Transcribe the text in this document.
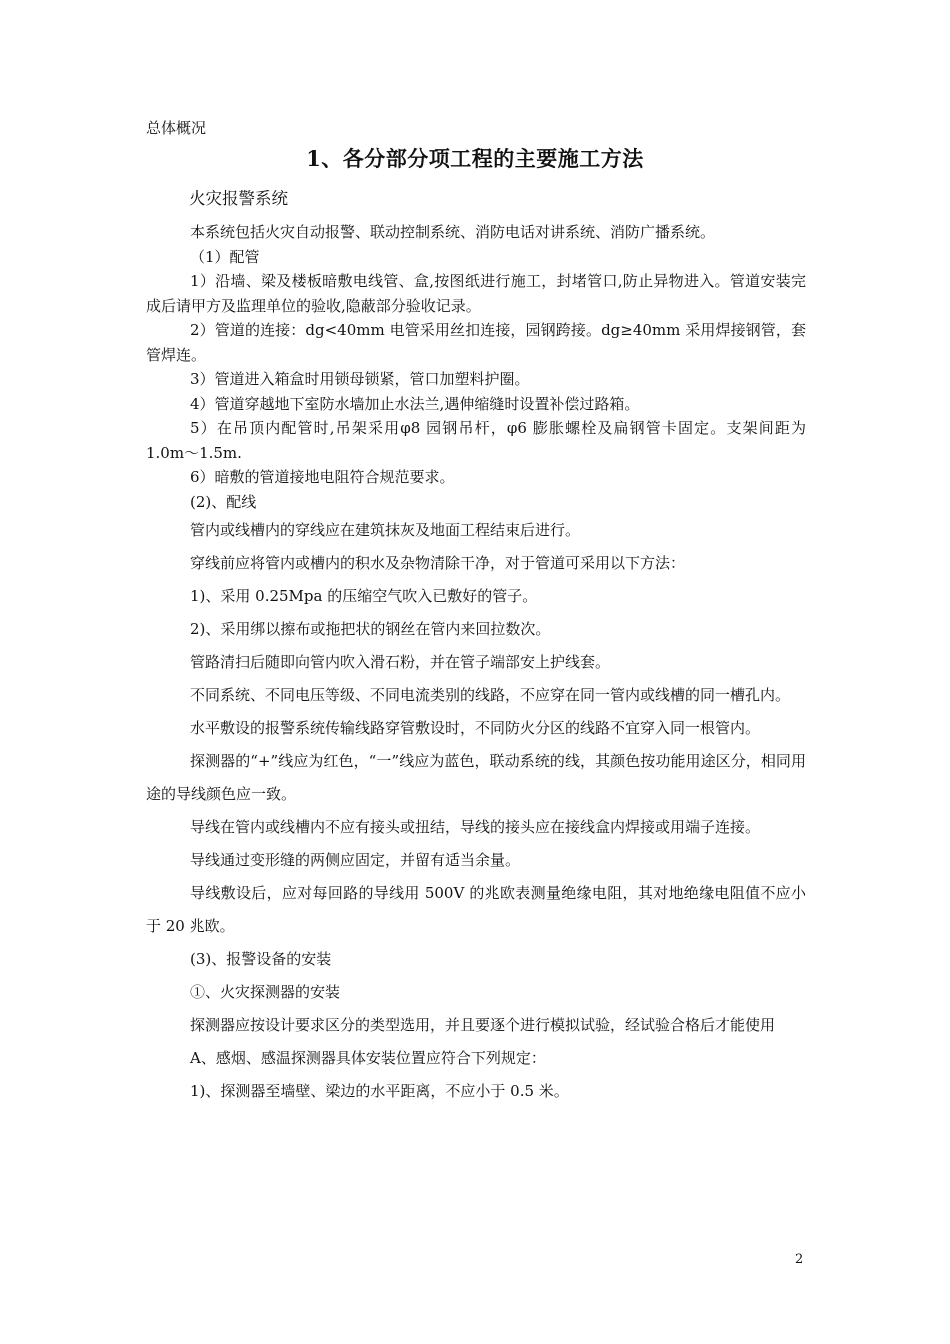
总体概况
1、各分部分项工程的主要施工方法
火灾报警系统

本系统包括火灾自动报警、联动控制系统、消防电话对讲系统、消防广播系统。

（1）配管

1）沿墙、梁及楼板暗敷电线管、盒,按图纸进行施工，封堵管口,防止异物进入。管道安装完成后请甲方及监理单位的验收,隐蔽部分验收记录。

2）管道的连接：dg<40mm 电管采用丝扣连接，园钢跨接。dg≥40mm 采用焊接钢管，套管焊连。

3）管道进入箱盒时用锁母锁紧，管口加塑料护圈。

4）管道穿越地下室防水墙加止水法兰,遇伸缩缝时设置补偿过路箱。

5）在吊顶内配管时,吊架采用φ8 园钢吊杆，φ6 膨胀螺栓及扁钢管卡固定。支架间距为 1.0m～1.5m.

6）暗敷的管道接地电阻符合规范要求。

(2)、配线

管内或线槽内的穿线应在建筑抹灰及地面工程结束后进行。

穿线前应将管内或槽内的积水及杂物清除干净，对于管道可采用以下方法：

1)、采用 0.25Mpa 的压缩空气吹入已敷好的管子。

2)、采用绑以擦布或拖把状的钢丝在管内来回拉数次。

管路清扫后随即向管内吹入滑石粉，并在管子端部安上护线套。

不同系统、不同电压等级、不同电流类别的线路，不应穿在同一管内或线槽的同一槽孔内。

水平敷设的报警系统传输线路穿管敷设时，不同防火分区的线路不宜穿入同一根管内。

探测器的“+”线应为红色，“一”线应为蓝色，联动系统的线，其颜色按功能用途区分，相同用途的导线颜色应一致。

导线在管内或线槽内不应有接头或扭结，导线的接头应在接线盒内焊接或用端子连接。

导线通过变形缝的两侧应固定，并留有适当余量。

导线敷设后，应对每回路的导线用 500V 的兆欧表测量绝缘电阻，其对地绝缘电阻值不应小于 20 兆欧。

(3)、报警设备的安装

①、火灾探测器的安装

探测器应按设计要求区分的类型选用，并且要逐个进行模拟试验，经试验合格后才能使用

A、感烟、感温探测器具体安装位置应符合下列规定：

1)、探测器至墙壁、梁边的水平距离，不应小于 0.5 米。

2
